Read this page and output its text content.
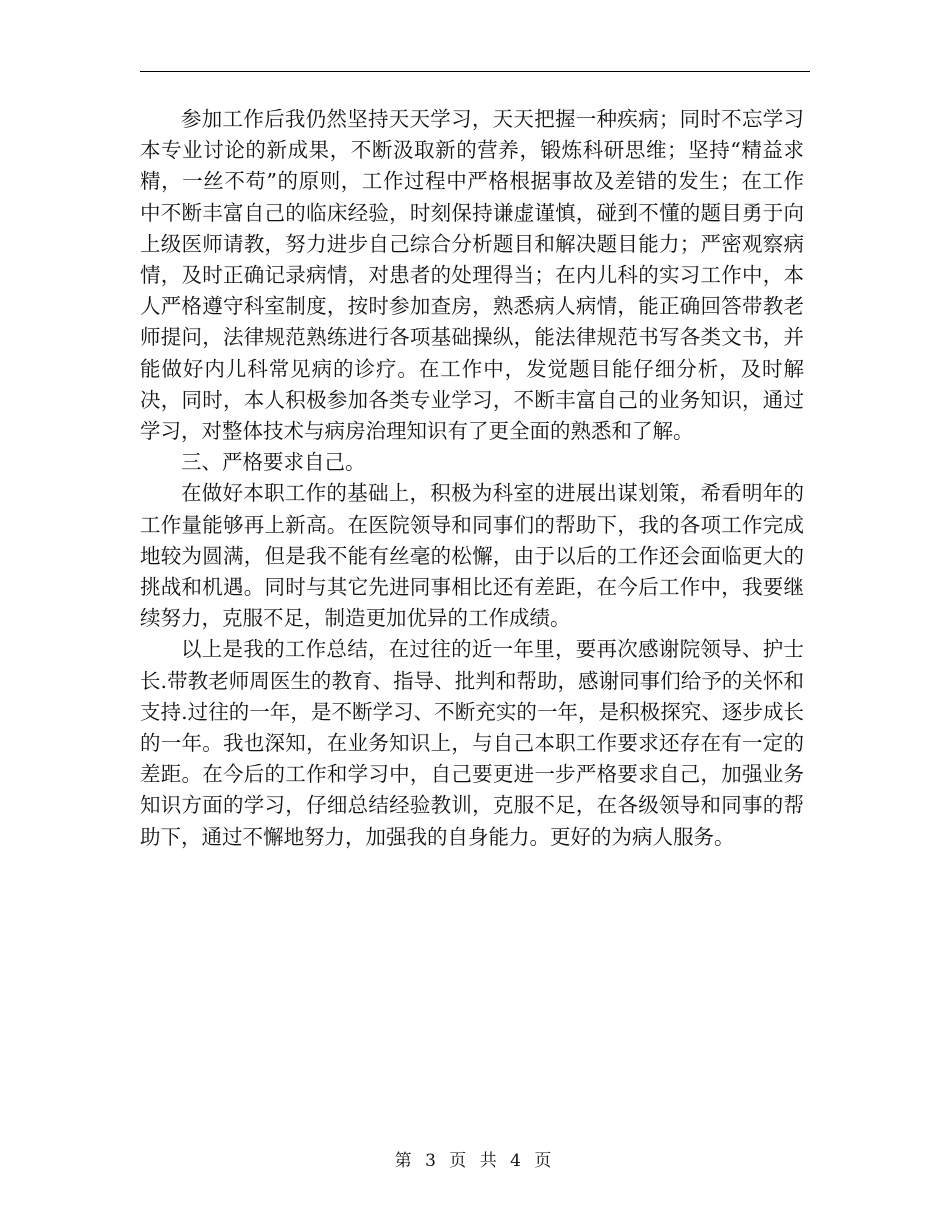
参加工作后我仍然坚持天天学习，天天把握一种疾病；同时不忘学习本专业讨论的新成果，不断汲取新的营养，锻炼科研思维；坚持“精益求精，一丝不苟”的原则，工作过程中严格根据事故及差错的发生；在工作中不断丰富自己的临床经验，时刻保持谦虚谨慎，碰到不懂的题目勇于向上级医师请教，努力进步自己综合分析题目和解决题目能力；严密观察病情，及时正确记录病情，对患者的处理得当；在内儿科的实习工作中，本人严格遵守科室制度，按时参加查房，熟悉病人病情，能正确回答带教老师提问，法律规范熟练进行各项基础操纵，能法律规范书写各类文书，并能做好内儿科常见病的诊疗。在工作中，发觉题目能仔细分析，及时解决，同时，本人积极参加各类专业学习，不断丰富自己的业务知识，通过学习，对整体技术与病房治理知识有了更全面的熟悉和了解。

三、严格要求自己。

在做好本职工作的基础上，积极为科室的进展出谋划策，希看明年的工作量能够再上新高。在医院领导和同事们的帮助下，我的各项工作完成地较为圆满，但是我不能有丝毫的松懈，由于以后的工作还会面临更大的挑战和机遇。同时与其它先进同事相比还有差距，在今后工作中，我要继续努力，克服不足，制造更加优异的工作成绩。

以上是我的工作总结，在过往的近一年里，要再次感谢院领导、护士长.带教老师周医生的教育、指导、批判和帮助，感谢同事们给予的关怀和支持.过往的一年，是不断学习、不断充实的一年，是积极探究、逐步成长的一年。我也深知，在业务知识上，与自己本职工作要求还存在有一定的差距。在今后的工作和学习中，自己要更进一步严格要求自己，加强业务知识方面的学习，仔细总结经验教训，克服不足，在各级领导和同事的帮助下，通过不懈地努力，加强我的自身能力。更好的为病人服务。

第 3 页 共 4 页
